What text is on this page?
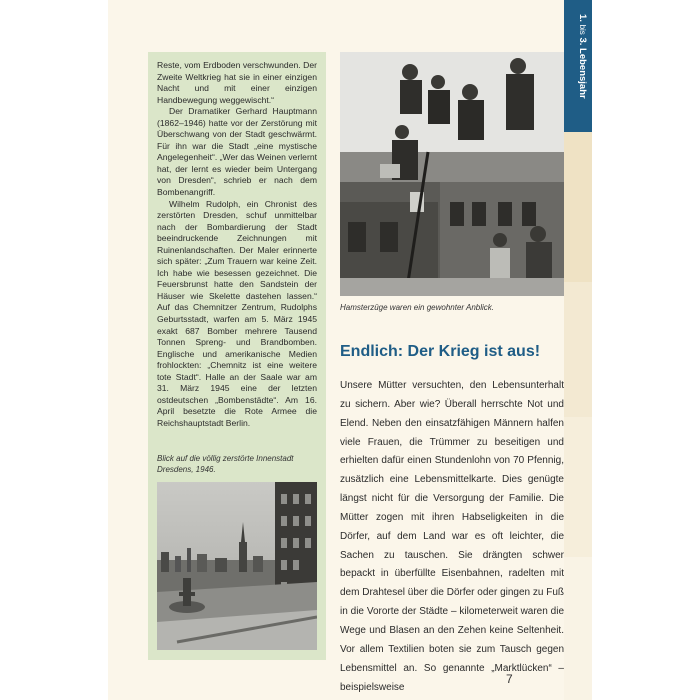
1. bis 3. Lebensjahr

Reste, vom Erdboden verschwunden. Der Zweite Weltkrieg hat sie in einer einzigen Nacht und mit einer einzigen Handbewegung weggewischt.“

Der Dramatiker Gerhard Hauptmann (1862–1946) hatte vor der Zerstörung mit Überschwang von der Stadt geschwärmt. Für ihn war die Stadt „eine mystische Angelegenheit“. „Wer das Weinen verlernt hat, der lernt es wieder beim Untergang von Dresden“, schrieb er nach dem Bombenangriff.

Wilhelm Rudolph, ein Chronist des zerstörten Dresden, schuf unmittelbar nach der Bombardierung der Stadt beeindruckende Zeichnungen mit Ruinenlandschaften. Der Maler erinnerte sich später: „Zum Trauern war keine Zeit. Ich habe wie besessen gezeichnet. Die Feuersbrunst hatte den Sandstein der Häuser wie Skelette dastehen lassen.“ Auf das Chemnitzer Zentrum, Rudolphs Geburtsstadt, warfen am 5. März 1945 exakt 687 Bomber mehrere Tausend Tonnen Spreng- und Brandbomben. Englische und amerikanische Medien frohlockten: „Chemnitz ist eine weitere tote Stadt“. Halle an der Saale war am 31. März 1945 eine der letzten ostdeutschen „Bombenstädte“. Am 16. April besetzte die Rote Armee die Reichshauptstadt Berlin.

Blick auf die völlig zerstörte Innenstadt Dresdens, 1946.
Hamsterzüge waren ein gewohnter Anblick.
Endlich: Der Krieg ist aus!
Unsere Mütter versuchten, den Lebensunterhalt zu sichern. Aber wie? Überall herrschte Not und Elend. Neben den einsatzfähigen Männern halfen viele Frauen, die Trümmer zu beseitigen und erhielten dafür einen Stundenlohn von 70 Pfennig, zusätzlich eine Lebensmittelkarte. Dies genügte längst nicht für die Versorgung der Familie. Die Mütter zogen mit ihren Habseligkeiten in die Dörfer, auf dem Land war es oft leichter, die Sachen zu tauschen. Sie drängten schwer bepackt in überfüllte Eisenbahnen, radelten mit dem Drahtesel über die Dörfer oder gingen zu Fuß in die Vororte der Städte – kilometerweit waren die Wege und Blasen an den Zehen keine Seltenheit. Vor allem Textilien boten sie zum Tausch gegen Lebensmittel an. So genannte „Marktlücken“ – beispielsweise
7
